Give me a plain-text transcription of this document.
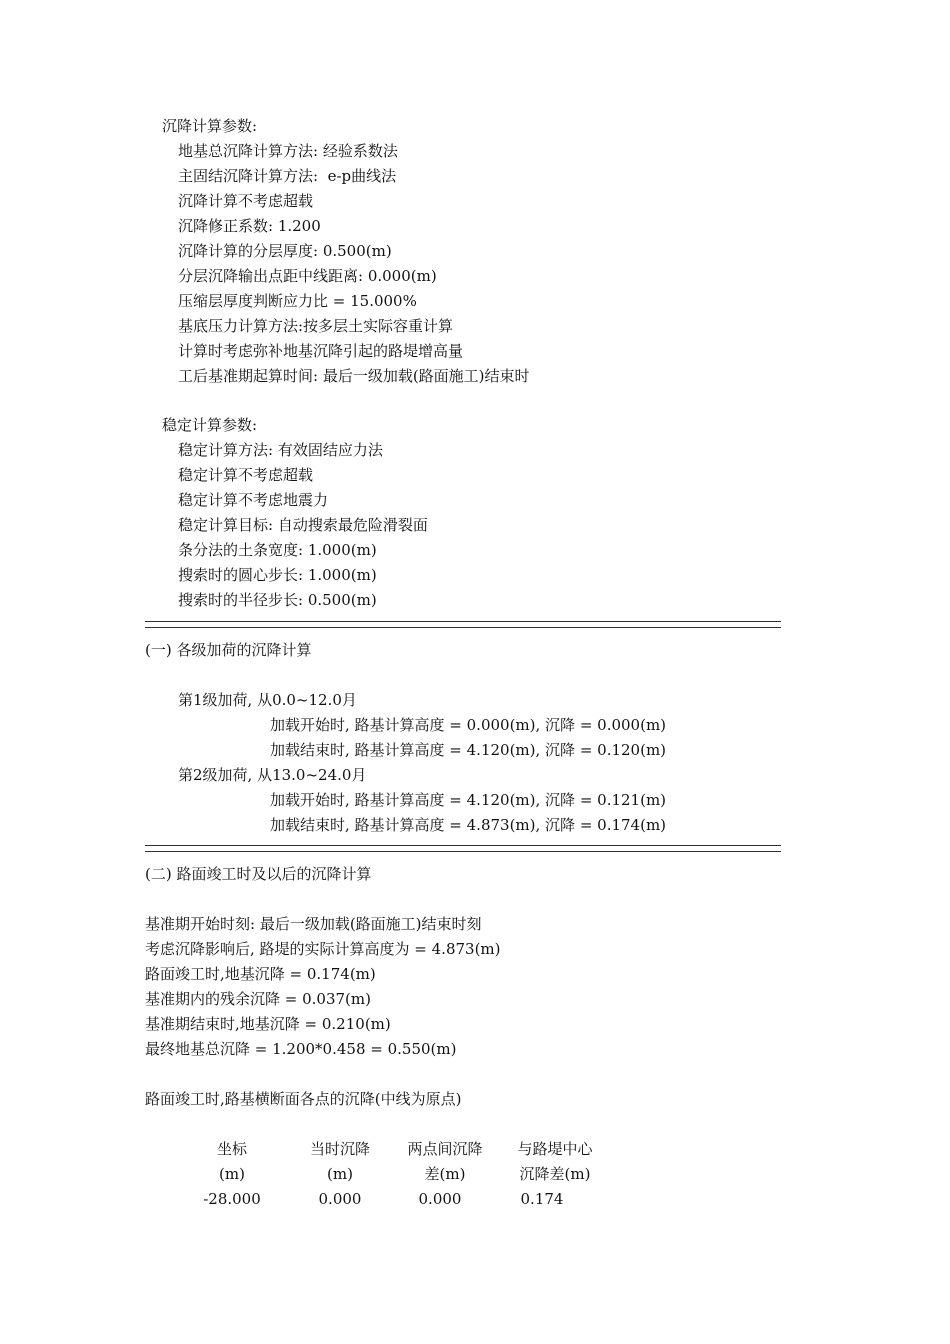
沉降计算参数:
地基总沉降计算方法: 经验系数法
主固结沉降计算方法:  e-p曲线法
沉降计算不考虑超载
沉降修正系数: 1.200
沉降计算的分层厚度: 0.500(m)
分层沉降输出点距中线距离: 0.000(m)
压缩层厚度判断应力比 = 15.000%
基底压力计算方法:按多层土实际容重计算
计算时考虑弥补地基沉降引起的路堤增高量
工后基准期起算时间: 最后一级加载(路面施工)结束时
稳定计算参数:
稳定计算方法: 有效固结应力法
稳定计算不考虑超载
稳定计算不考虑地震力
稳定计算目标: 自动搜索最危险滑裂面
条分法的土条宽度: 1.000(m)
搜索时的圆心步长: 1.000(m)
搜索时的半径步长: 0.500(m)
(一) 各级加荷的沉降计算
第1级加荷, 从0.0~12.0月
加载开始时, 路基计算高度 = 0.000(m), 沉降 = 0.000(m)
加载结束时, 路基计算高度 = 4.120(m), 沉降 = 0.120(m)
第2级加荷, 从13.0~24.0月
加载开始时, 路基计算高度 = 4.120(m), 沉降 = 0.121(m)
加载结束时, 路基计算高度 = 4.873(m), 沉降 = 0.174(m)
(二) 路面竣工时及以后的沉降计算
基准期开始时刻: 最后一级加载(路面施工)结束时刻
考虑沉降影响后, 路堤的实际计算高度为 = 4.873(m)
路面竣工时,地基沉降 = 0.174(m)
基准期内的残余沉降 = 0.037(m)
基准期结束时,地基沉降 = 0.210(m)
最终地基总沉降 = 1.200*0.458 = 0.550(m)
路面竣工时,路基横断面各点的沉降(中线为原点)
坐标	当时沉降	两点间沉降	与路堤中心
(m)	(m)	差(m)	沉降差(m)
-28.000	0.000	0.000	0.174
